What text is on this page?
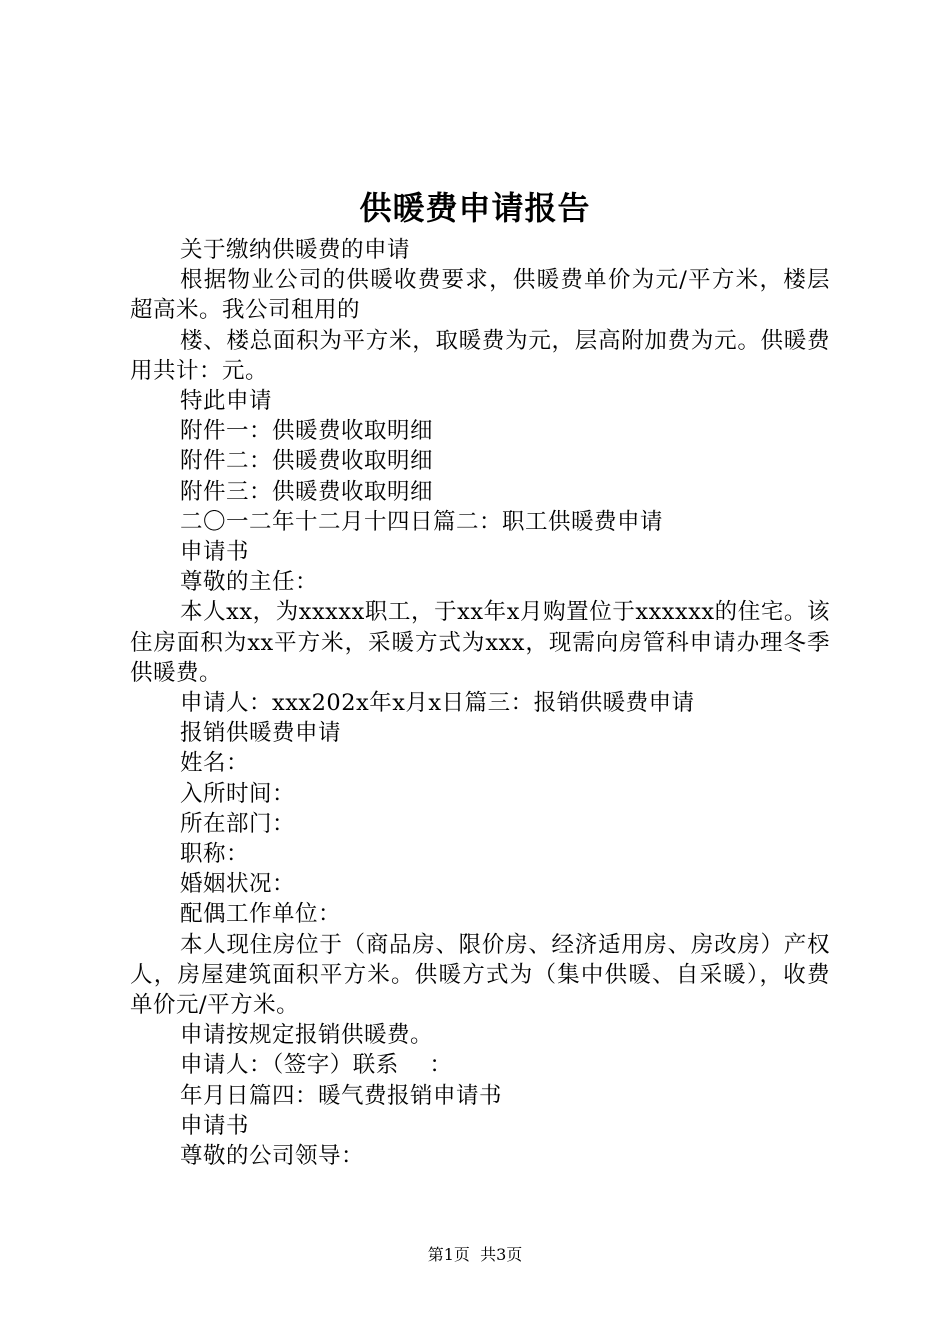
供暖费申请报告

关于缴纳供暖费的申请

根据物业公司的供暖收费要求，供暖费单价为元/平方米，楼层超高米。我公司租用的

楼、楼总面积为平方米，取暖费为元，层高附加费为元。供暖费用共计：元。

特此申请

附件一：供暖费收取明细

附件二：供暖费收取明细

附件三：供暖费收取明细

二〇一二年十二月十四日篇二：职工供暖费申请

申请书

尊敬的主任：

本人xx，为xxxxx职工，于xx年x月购置位于xxxxxx的住宅。该住房面积为xx平方米，采暖方式为xxx，现需向房管科申请办理冬季供暖费。

申请人：xxx202x年x月x日篇三：报销供暖费申请

报销供暖费申请

姓名：

入所时间：

所在部门：

职称：

婚姻状况：

配偶工作单位：

本人现住房位于（商品房、限价房、经济适用房、房改房）产权人，房屋建筑面积平方米。供暖方式为（集中供暖、自采暖），收费单价元/平方米。

申请按规定报销供暖费。

申请人：（签字）联系　 ：

年月日篇四：暖气费报销申请书

申请书

尊敬的公司领导：

第1页 共3页
